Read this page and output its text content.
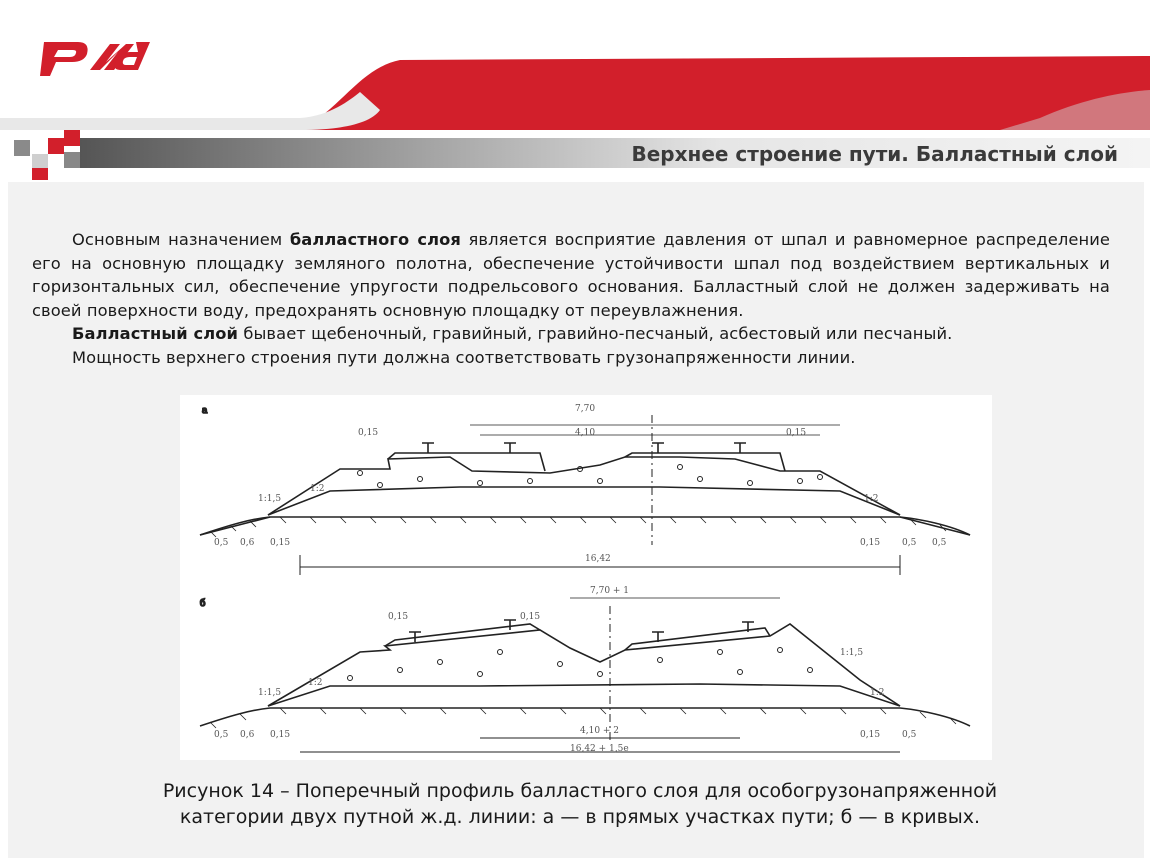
Верхнее строение пути. Балластный слой

Основным назначением балластного слоя является восприятие давления от шпал и равномерное распределение его на основную площадку земляного полотна, обеспечение устойчивости шпал под воздействием вертикальных и горизонтальных сил, обеспечение упругости подрельсового основания. Балластный слой не должен задерживать на своей поверхности воду, предохранять основную площадку от переувлажнения.

Балластный слой бывает щебеночный, гравийный, гравийно-песчаный, асбестовый или песчаный.

Мощность верхнего строения пути должна соответствовать грузонапряженности линии.

а	7,70
4,10
0,15
1:1,5
1:2
0,5 0,6 0,15
0,15
1:2
0,15 0,5 0,5
16,42
б
7,70 + 1
0,15	0,15
1:1,5
1:2
0,5 0,6 0,15
1:1,5
1:2
0,15 0,5
4,10 + 2
16,42 + 1,5e
Рисунок 14 – Поперечный профиль балластного слоя для особогрузонапряженной
категории двух путной ж.д. линии: а — в прямых участках пути; б — в кривых.
